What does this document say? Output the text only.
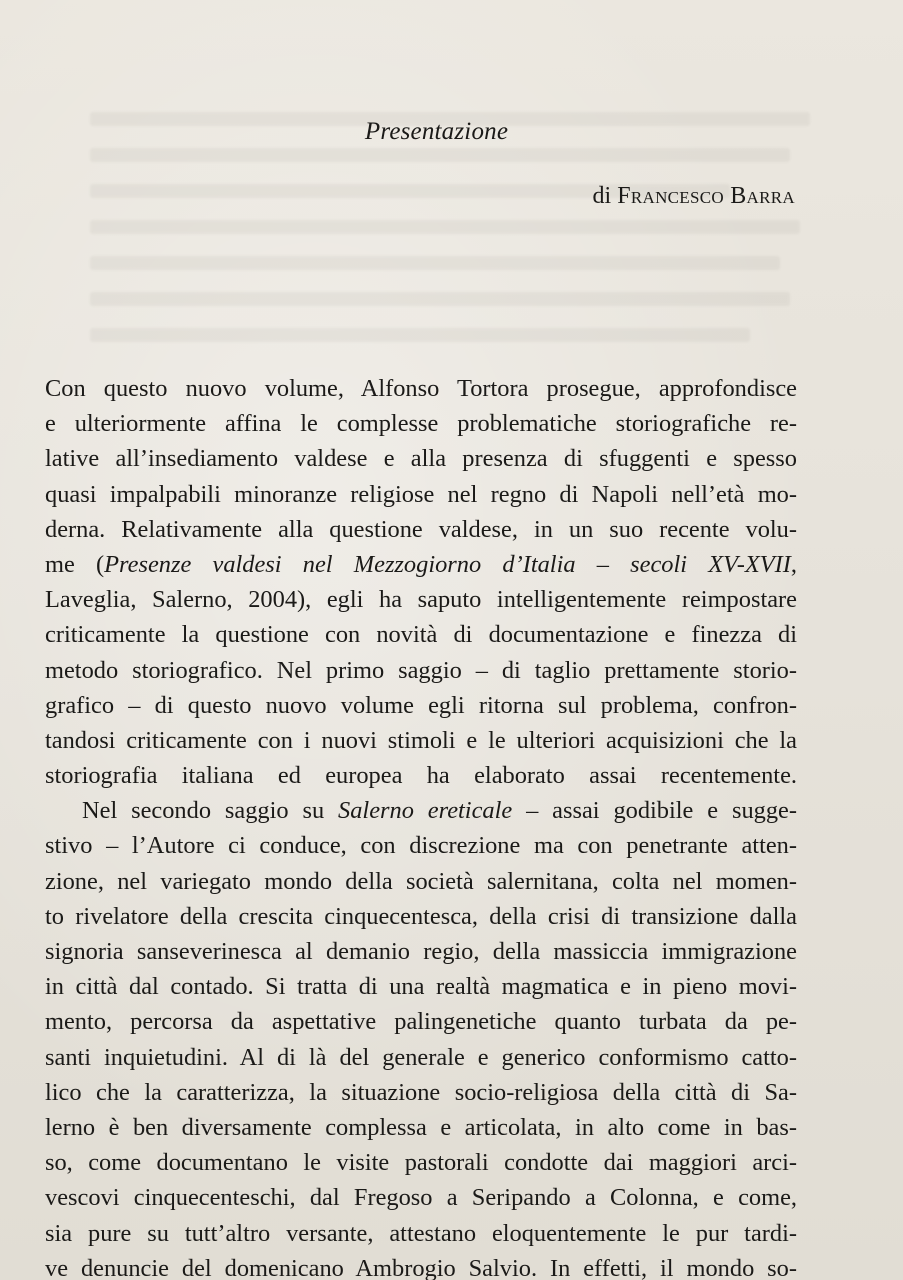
Presentazione
di Francesco Barra
Con questo nuovo volume, Alfonso Tortora prosegue, approfondisce
e ulteriormente affina le complesse problematiche storiografiche re-
lative all’insediamento valdese e alla presenza di sfuggenti e spesso
quasi impalpabili minoranze religiose nel regno di Napoli nell’età mo-
derna. Relativamente alla questione valdese, in un suo recente volu-
me (Presenze valdesi nel Mezzogiorno d’Italia – secoli XV-XVII,
Laveglia, Salerno, 2004), egli ha saputo intelligentemente reimpostare
criticamente la questione con novità di documentazione e finezza di
metodo storiografico. Nel primo saggio – di taglio prettamente storio-
grafico – di questo nuovo volume egli ritorna sul problema, confron-
tandosi criticamente con i nuovi stimoli e le ulteriori acquisizioni che la
storiografia italiana ed europea ha elaborato assai recentemente.
Nel secondo saggio su Salerno ereticale – assai godibile e sugge-
stivo – l’Autore ci conduce, con discrezione ma con penetrante atten-
zione, nel variegato mondo della società salernitana, colta nel momen-
to rivelatore della crescita cinquecentesca, della crisi di transizione dalla
signoria sanseverinesca al demanio regio, della massiccia immigrazione
in città dal contado. Si tratta di una realtà magmatica e in pieno movi-
mento, percorsa da aspettative palingenetiche quanto turbata da pe-
santi inquietudini. Al di là del generale e generico conformismo catto-
lico che la caratterizza, la situazione socio-religiosa della città di Sa-
lerno è ben diversamente complessa e articolata, in alto come in bas-
so, come documentano le visite pastorali condotte dai maggiori arci-
vescovi cinquecenteschi, dal Fregoso a Seripando a Colonna, e come,
sia pure su tutt’altro versante, attestano eloquentemente le pur tardi-
ve denuncie del domenicano Ambrogio Salvio. In effetti, il mondo so-
